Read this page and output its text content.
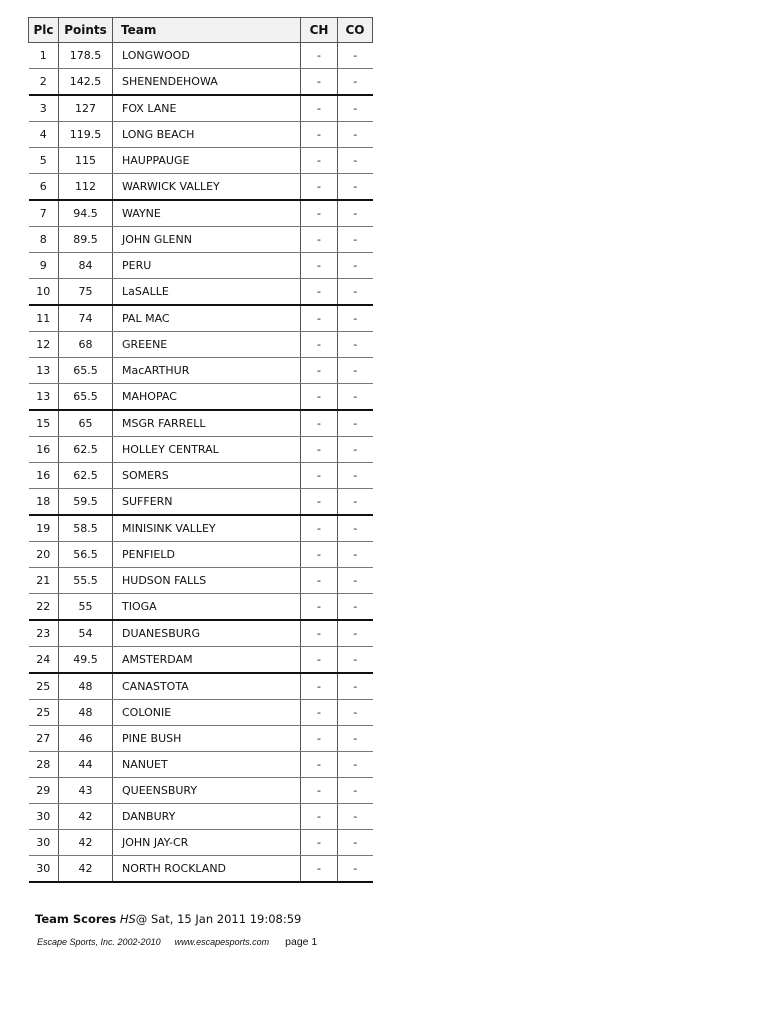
Plc	Points	Team	CH	CO
1	178.5	LONGWOOD	-	-
2	142.5	SHENENDEHOWA	-	-
3	127	FOX LANE	-	-
4	119.5	LONG BEACH	-	-
5	115	HAUPPAUGE	-	-
6	112	WARWICK VALLEY	-	-
7	94.5	WAYNE	-	-
8	89.5	JOHN GLENN	-	-
9	84	PERU	-	-
10	75	LaSALLE	-	-
11	74	PAL MAC	-	-
12	68	GREENE	-	-
13	65.5	MacARTHUR	-	-
13	65.5	MAHOPAC	-	-
15	65	MSGR FARRELL	-	-
16	62.5	HOLLEY CENTRAL	-	-
16	62.5	SOMERS	-	-
18	59.5	SUFFERN	-	-
19	58.5	MINISINK VALLEY	-	-
20	56.5	PENFIELD	-	-
21	55.5	HUDSON FALLS	-	-
22	55	TIOGA	-	-
23	54	DUANESBURG	-	-
24	49.5	AMSTERDAM	-	-
25	48	CANASTOTA	-	-
25	48	COLONIE	-	-
27	46	PINE BUSH	-	-
28	44	NANUET	-	-
29	43	QUEENSBURY	-	-
30	42	DANBURY	-	-
30	42	JOHN JAY-CR	-	-
30	42	NORTH ROCKLAND	-	-
Team Scores HS@ Sat, 15 Jan 2011 19:08:59
Escape Sports, Inc. 2002-2010 www.escapesports.com page 1
